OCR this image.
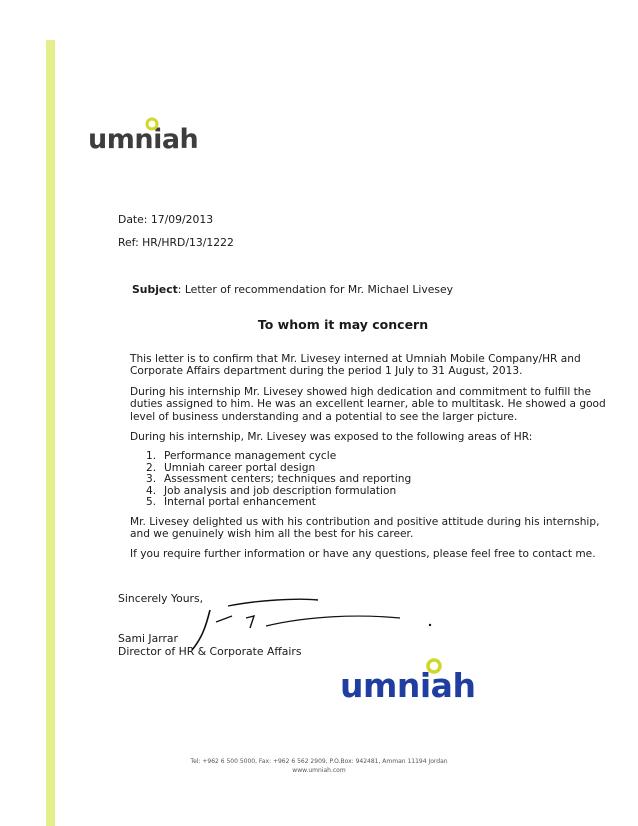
umniah
Date: 17/09/2013
Ref: HR/HRD/13/1222
Subject: Letter of recommendation for Mr. Michael Livesey
To whom it may concern
This letter is to confirm that Mr. Livesey interned at Umniah Mobile Company/HR and
Corporate Affairs department during the period 1 July to 31 August, 2013.
During his internship Mr. Livesey showed high dedication and commitment to fulfill the
duties assigned to him. He was an excellent learner, able to multitask. He showed a good
level of business understanding and a potential to see the larger picture.
During his internship, Mr. Livesey was exposed to the following areas of HR:
1. Performance management cycle
2. Umniah career portal design
3. Assessment centers; techniques and reporting
4. Job analysis and job description formulation
5. Internal portal enhancement
Mr. Livesey delighted us with his contribution and positive attitude during his internship,
and we genuinely wish him all the best for his career.
If you require further information or have any questions, please feel free to contact me.
Sincerely Yours,
Sami Jarrar
Director of HR & Corporate Affairs
umniah
Tel: +962 6 500 5000, Fax: +962 6 562 2909, P.O.Box: 942481, Amman 11194 Jordan
www.umniah.com
